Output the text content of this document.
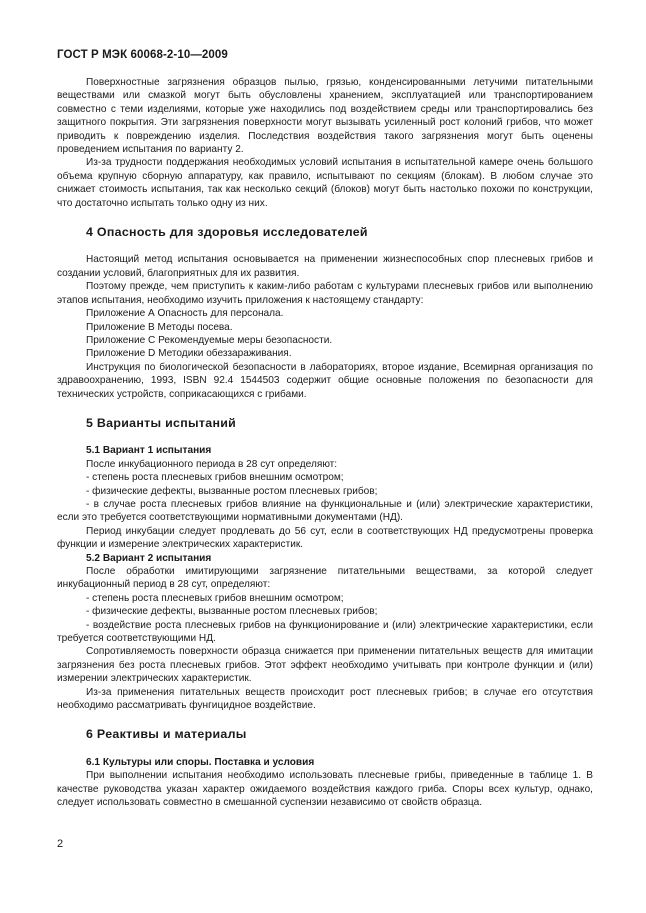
ГОСТ Р МЭК 60068-2-10—2009

Поверхностные загрязнения образцов пылью, грязью, конденсированными летучими питательными веществами или смазкой могут быть обусловлены хранением, эксплуатацией или транспортированием совместно с теми изделиями, которые уже находились под воздействием среды или транспортировались без защитного покрытия. Эти загрязнения поверхности могут вызывать усиленный рост колоний грибов, что может приводить к повреждению изделия. Последствия воздействия такого загрязнения могут быть оценены проведением испытания по варианту 2.

Из-за трудности поддержания необходимых условий испытания в испытательной камере очень большого объема крупную сборную аппаратуру, как правило, испытывают по секциям (блокам). В любом случае это снижает стоимость испытания, так как несколько секций (блоков) могут быть настолько похожи по конструкции, что достаточно испытать только одну из них.

4 Опасность для здоровья исследователей

Настоящий метод испытания основывается на применении жизнеспособных спор плесневых грибов и создании условий, благоприятных для их развития.

Поэтому прежде, чем приступить к каким-либо работам с культурами плесневых грибов или выполнению этапов испытания, необходимо изучить приложения к настоящему стандарту:

Приложение А Опасность для персонала.

Приложение В Методы посева.

Приложение С Рекомендуемые меры безопасности.

Приложение D Методики обеззараживания.

Инструкция по биологической безопасности в лабораториях, второе издание, Всемирная организация по здравоохранению, 1993, ISBN 92.4 1544503 содержит общие основные положения по безопасности для технических устройств, соприкасающихся с грибами.

5 Варианты испытаний

5.1 Вариант 1 испытания

После инкубационного периода в 28 сут определяют:

- степень роста плесневых грибов внешним осмотром;

- физические дефекты, вызванные ростом плесневых грибов;

- в случае роста плесневых грибов влияние на функциональные и (или) электрические характеристики, если это требуется соответствующими нормативными документами (НД).

Период инкубации следует продлевать до 56 сут, если в соответствующих НД предусмотрены проверка функции и измерение электрических характеристик.

5.2 Вариант 2 испытания

После обработки имитирующими загрязнение питательными веществами, за которой следует инкубационный период в 28 сут, определяют:

- степень роста плесневых грибов внешним осмотром;

- физические дефекты, вызванные ростом плесневых грибов;

- воздействие роста плесневых грибов на функционирование и (или) электрические характеристики, если требуется соответствующими НД.

Сопротивляемость поверхности образца снижается при применении питательных веществ для имитации загрязнения без роста плесневых грибов. Этот эффект необходимо учитывать при контроле функции и (или) измерении электрических характеристик.

Из-за применения питательных веществ происходит рост плесневых грибов; в случае его отсутствия необходимо рассматривать фунгицидное воздействие.

6 Реактивы и материалы

6.1 Культуры или споры. Поставка и условия

При выполнении испытания необходимо использовать плесневые грибы, приведенные в таблице 1. В качестве руководства указан характер ожидаемого воздействия каждого гриба. Споры всех культур, однако, следует использовать совместно в смешанной суспензии независимо от свойств образца.

2
